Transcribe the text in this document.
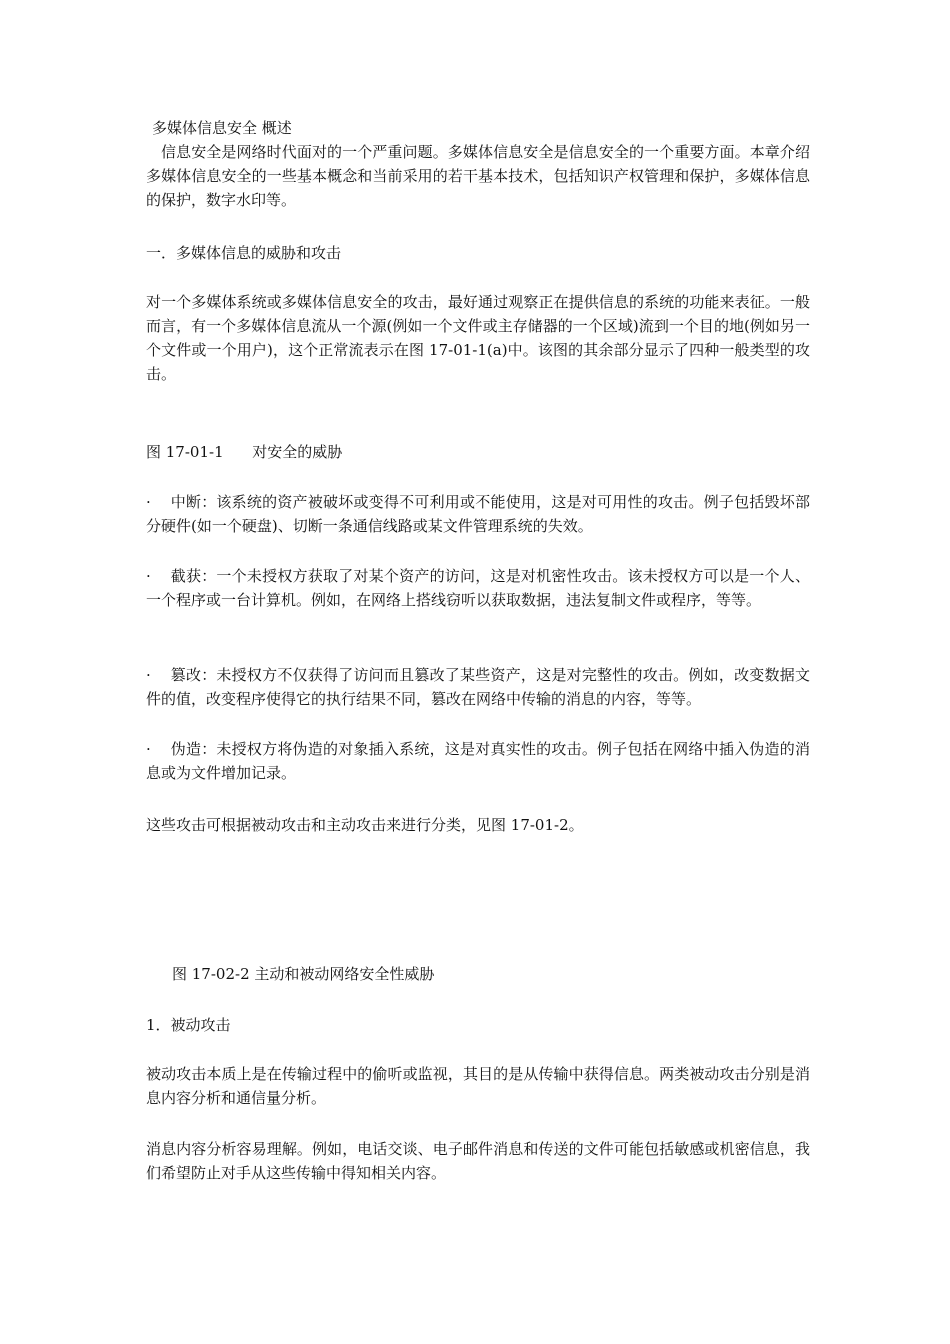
多媒体信息安全 概述

信息安全是网络时代面对的一个严重问题。多媒体信息安全是信息安全的一个重要方面。本章介绍多媒体信息安全的一些基本概念和当前采用的若干基本技术，包括知识产权管理和保护，多媒体信息的保护，数字水印等。

一．多媒体信息的威胁和攻击

对一个多媒体系统或多媒体信息安全的攻击，最好通过观察正在提供信息的系统的功能来表征。一般而言，有一个多媒体信息流从一个源(例如一个文件或主存储器的一个区域)流到一个目的地(例如另一个文件或一个用户)，这个正常流表示在图 17-01-1(a)中。该图的其余部分显示了四种一般类型的攻击。

图 17-01-1      对安全的威胁

·    中断：该系统的资产被破坏或变得不可利用或不能使用，这是对可用性的攻击。例子包括毁坏部分硬件(如一个硬盘)、切断一条通信线路或某文件管理系统的失效。

·    截获：一个未授权方获取了对某个资产的访问，这是对机密性攻击。该未授权方可以是一个人、一个程序或一台计算机。例如，在网络上搭线窃听以获取数据，违法复制文件或程序，等等。

·    篡改：未授权方不仅获得了访问而且篡改了某些资产，这是对完整性的攻击。例如，改变数据文件的值，改变程序使得它的执行结果不同，篡改在网络中传输的消息的内容，等等。

·    伪造：未授权方将伪造的对象插入系统，这是对真实性的攻击。例子包括在网络中插入伪造的消息或为文件增加记录。

这些攻击可根据被动攻击和主动攻击来进行分类，见图 17-01-2。

图 17-02-2 主动和被动网络安全性威胁
1．被动攻击

被动攻击本质上是在传输过程中的偷听或监视，其目的是从传输中获得信息。两类被动攻击分别是消息内容分析和通信量分析。

消息内容分析容易理解。例如，电话交谈、电子邮件消息和传送的文件可能包括敏感或机密信息，我们希望防止对手从这些传输中得知相关内容。
